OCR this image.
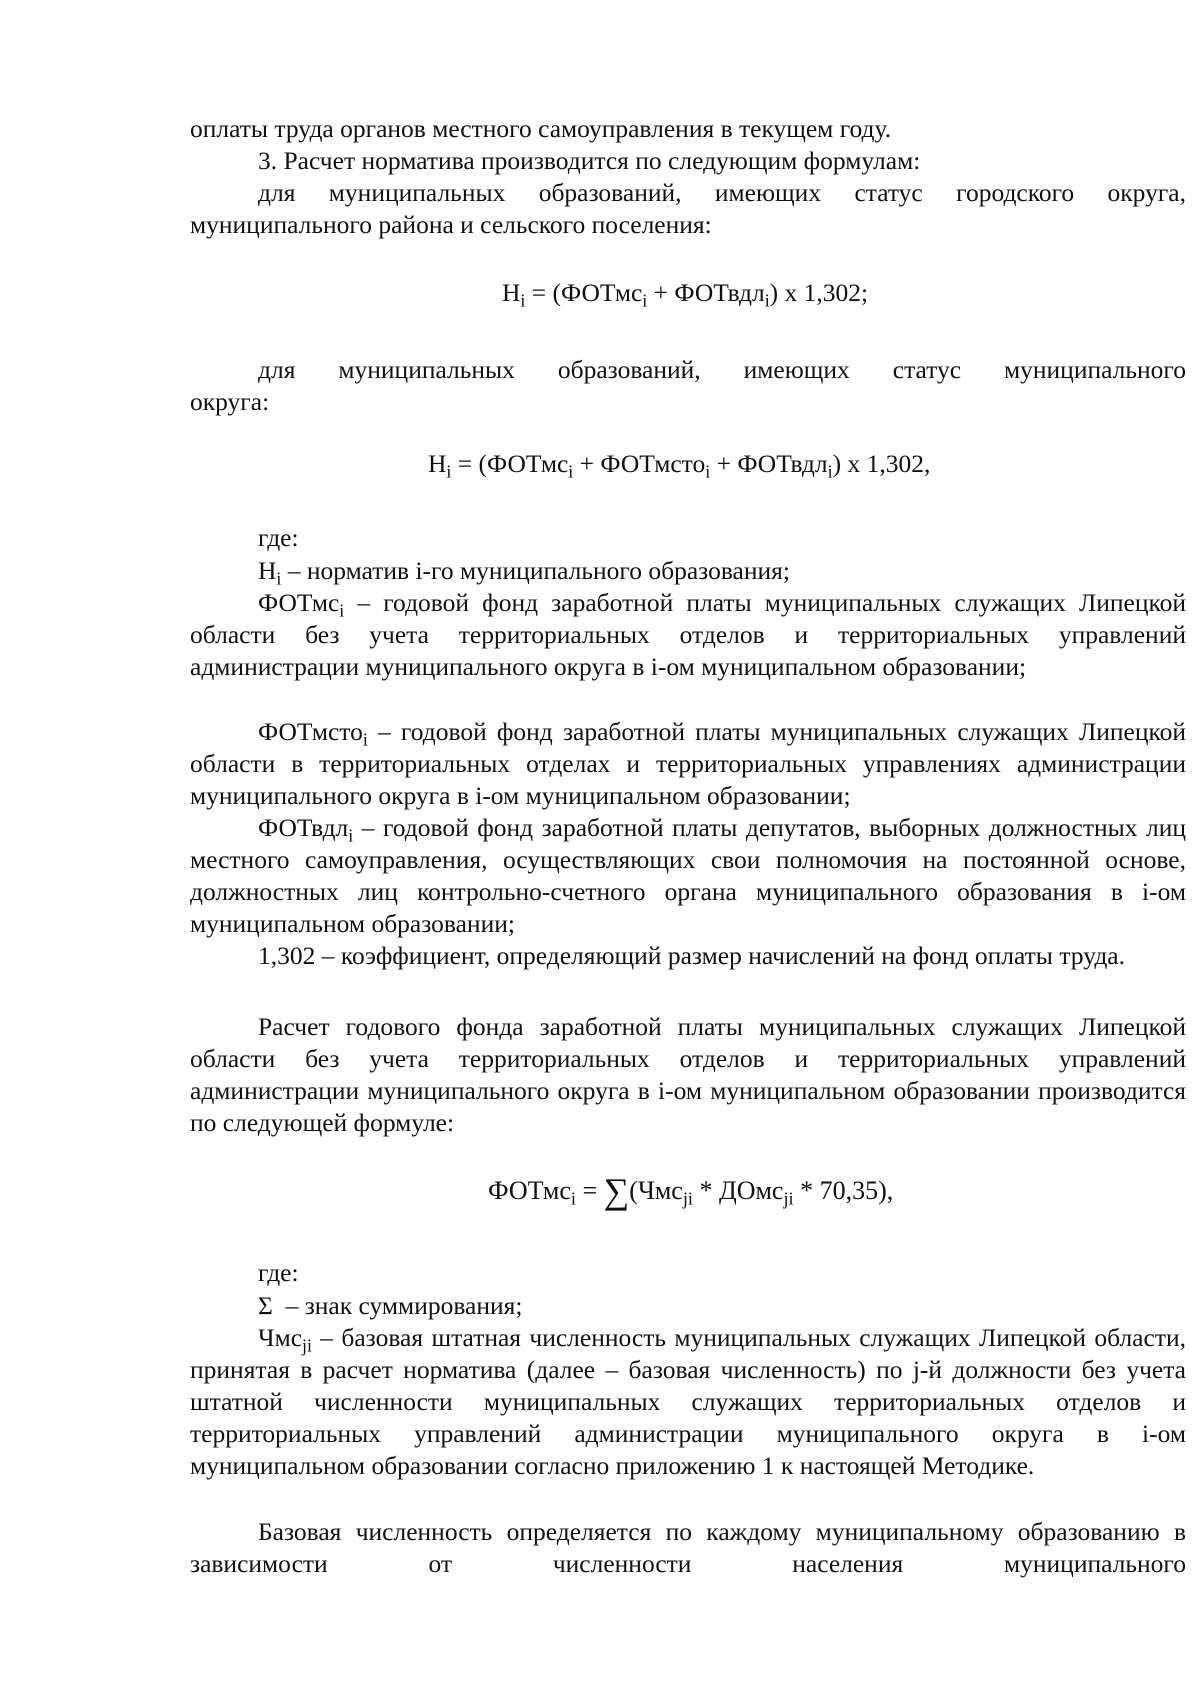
оплаты труда органов местного самоуправления в текущем году.

3. Расчет норматива производится по следующим формулам:

для муниципальных образований, имеющих статус городского округа,

муниципального района и сельского поселения:

$Н_i$ = (ФОТмс$_i$ + ФОТвдл$_i$) х 1,302;

для муниципальных образований, имеющих статус муниципального

округа:

$Н_i$ = (ФОТмс$_i$ + ФОТмсто$_i$ + ФОТвдл$_i$) х 1,302,

где:

$Н_i$ – норматив i-го муниципального образования;

ФОТмс$_i$ – годовой фонд заработной платы муниципальных служащих Липецкой области без учета территориальных отделов и территориальных управлений администрации муниципального округа в i-ом муниципальном образовании;

ФОТмсто$_i$ – годовой фонд заработной платы муниципальных служащих Липецкой области в территориальных отделах и территориальных управлениях администрации муниципального округа в i-ом муниципальном образовании;

ФОТвдл$_i$ – годовой фонд заработной платы депутатов, выборных должностных лиц местного самоуправления, осуществляющих свои полномочия на постоянной основе, должностных лиц контрольно-счетного органа муниципального образования в i-ом муниципальном образовании;

1,302 – коэффициент, определяющий размер начислений на фонд оплаты труда.

Расчет годового фонда заработной платы муниципальных служащих Липецкой области без учета территориальных отделов и территориальных управлений администрации муниципального округа в i-ом муниципальном образовании производится по следующей формуле:

ФОТмс$_i$ = ∑(Чмс$_{ji}$ * ДОмс$_{ji}$ * 70,35),

где:

Σ  – знак суммирования;

Чмс$_{ji}$ – базовая штатная численность муниципальных служащих Липецкой области, принятая в расчет норматива (далее – базовая численность) по j-й должности без учета штатной численности муниципальных служащих территориальных отделов и территориальных управлений администрации муниципального округа в i-ом муниципальном образовании согласно приложению 1 к настоящей Методике.

Базовая численность определяется по каждому муниципальному образованию в зависимости от численности населения муниципального
